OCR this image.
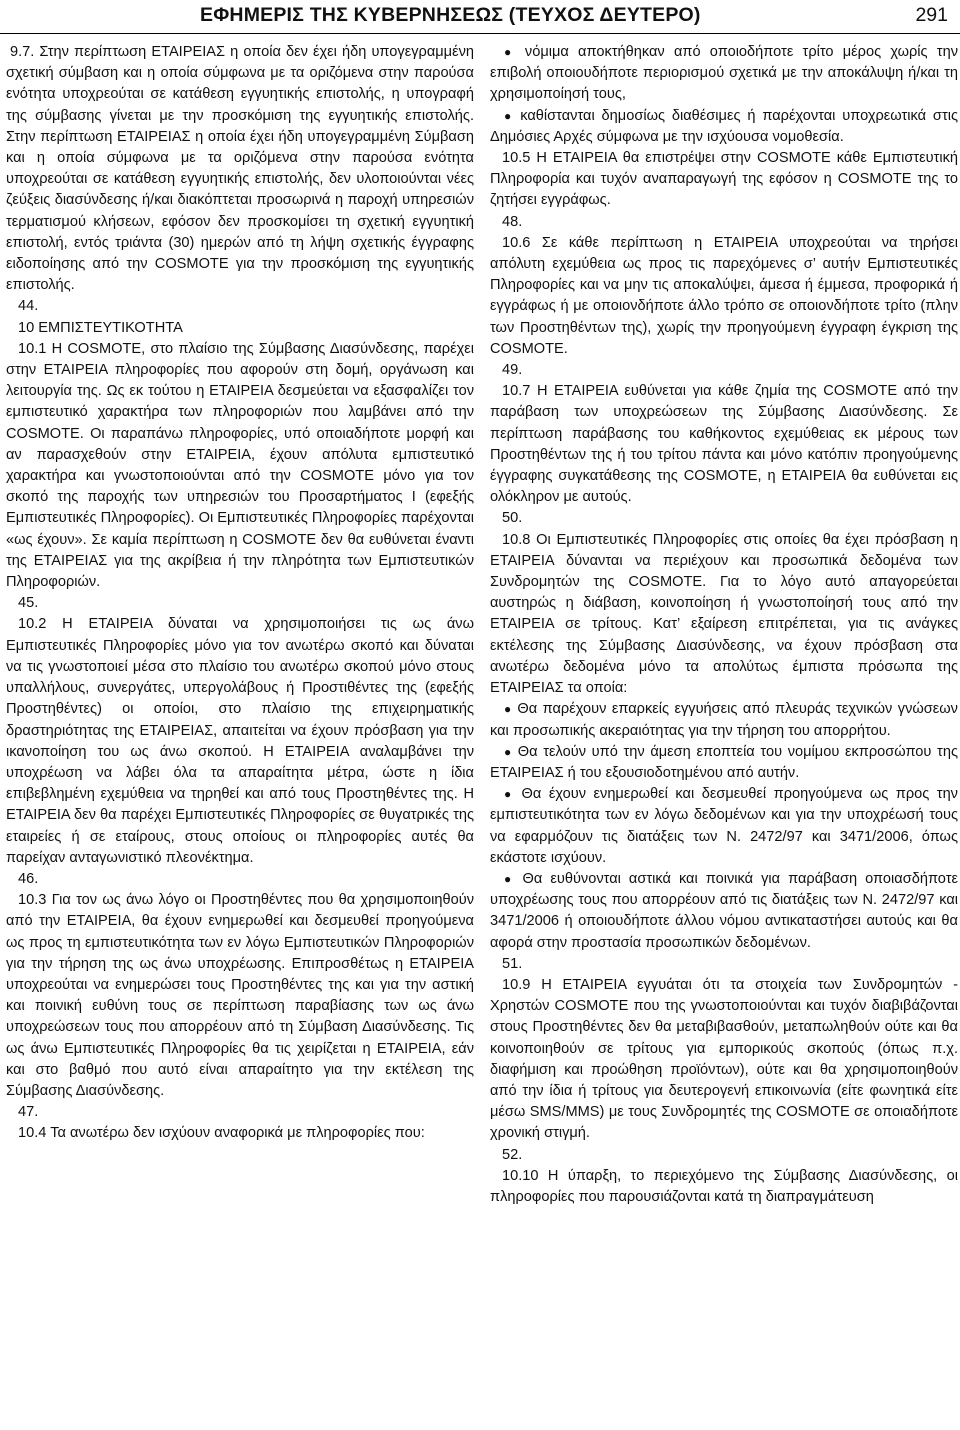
ΕΦΗΜΕΡΙΣ ΤΗΣ ΚΥΒΕΡΝΗΣΕΩΣ (ΤΕΥΧΟΣ ΔΕΥΤΕΡΟ)	291

9.7. Στην περίπτωση ΕΤΑΙΡΕΙΑΣ η οποία δεν έχει ήδη υπογεγραμμένη σχετική σύμβαση και η οποία σύμφωνα με τα οριζόμενα στην παρούσα ενότητα υποχρεούται σε κατάθεση εγγυητικής επιστολής, η υπογραφή της σύμβασης γίνεται με την προσκόμιση της εγγυητικής επιστολής. Στην περίπτωση ΕΤΑΙΡΕΙΑΣ η οποία έχει ήδη υπογεγραμμένη Σύμβαση και η οποία σύμφωνα με τα οριζόμενα στην παρούσα ενότητα υποχρεούται σε κατάθεση εγγυητικής επιστολής, δεν υλοποιούνται νέες ζεύξεις διασύνδεσης ή/και διακόπτεται προσωρινά η παροχή υπηρεσιών τερματισμού κλήσεων, εφόσον δεν προσκομίσει τη σχετική εγγυητική επιστολή, εντός τριάντα (30) ημερών από τη λήψη σχετικής έγγραφης ειδοποίησης από την COSMOTE για την προσκόμιση της εγγυητικής επιστολής.

44.

10 ΕΜΠΙΣΤΕΥΤΙΚΟΤΗΤΑ

10.1 Η COSMOTE, στο πλαίσιο της Σύμβασης Διασύνδεσης, παρέχει στην ΕΤΑΙΡΕΙΑ πληροφορίες που αφορούν στη δομή, οργάνωση και λειτουργία της. Ως εκ τούτου η ΕΤΑΙΡΕΙΑ δεσμεύεται να εξασφαλίζει τον εμπιστευτικό χαρακτήρα των πληροφοριών που λαμβάνει από την COSMOTE. Οι παραπάνω πληροφορίες, υπό οποιαδήποτε μορφή και αν παρασχεθούν στην ΕΤΑΙΡΕΙΑ, έχουν απόλυτα εμπιστευτικό χαρακτήρα και γνωστοποιούνται από την COSMOTE μόνο για τον σκοπό της παροχής των υπηρεσιών του Προσαρτήματος Ι (εφεξής Εμπιστευτικές Πληροφορίες). Οι Εμπιστευτικές Πληροφορίες παρέχονται «ως έχουν». Σε καμία περίπτωση η COSMOTE δεν θα ευθύνεται έναντι της ΕΤΑΙΡΕΙΑΣ για της ακρίβεια ή την πληρότητα των Εμπιστευτικών Πληροφοριών.

45.

10.2 Η ΕΤΑΙΡΕΙΑ δύναται να χρησιμοποιήσει τις ως άνω Εμπιστευτικές Πληροφορίες μόνο για τον ανωτέρω σκοπό και δύναται να τις γνωστοποιεί μέσα στο πλαίσιο του ανωτέρω σκοπού μόνο στους υπαλλήλους, συνεργάτες, υπεργολάβους ή Προστιθέντες της (εφεξής Προστηθέντες) οι οποίοι, στο πλαίσιο της επιχειρηματικής δραστηριότητας της ΕΤΑΙΡΕΙΑΣ, απαιτείται να έχουν πρόσβαση για την ικανοποίηση του ως άνω σκοπού. Η ΕΤΑΙΡΕΙΑ αναλαμβάνει την υποχρέωση να λάβει όλα τα απαραίτητα μέτρα, ώστε η ίδια επιβεβλημένη εχεμύθεια να τηρηθεί και από τους Προστηθέντες της. Η ΕΤΑΙΡΕΙΑ δεν θα παρέχει Εμπιστευτικές Πληροφορίες σε θυγατρικές της εταιρείες ή σε εταίρους, στους οποίους οι πληροφορίες αυτές θα παρείχαν ανταγωνιστικό πλεονέκτημα.

46.

10.3 Για τον ως άνω λόγο οι Προστηθέντες που θα χρησιμοποιηθούν από την ΕΤΑΙΡΕΙΑ, θα έχουν ενημερωθεί και δεσμευθεί προηγούμενα ως προς τη εμπιστευτικότητα των εν λόγω Εμπιστευτικών Πληροφοριών για την τήρηση της ως άνω υποχρέωσης. Επιπροσθέτως η ΕΤΑΙΡΕΙΑ υποχρεούται να ενημερώσει τους Προστηθέντες της και για την αστική και ποινική ευθύνη τους σε περίπτωση παραβίασης των ως άνω υποχρεώσεων τους που απορρέουν από τη Σύμβαση Διασύνδεσης. Τις ως άνω Εμπιστευτικές Πληροφορίες θα τις χειρίζεται η ΕΤΑΙΡΕΙΑ, εάν και στο βαθμό που αυτό είναι απαραίτητο για την εκτέλεση της Σύμβασης Διασύνδεσης.

47.

10.4 Τα ανωτέρω δεν ισχύουν αναφορικά με πληροφορίες που:

● νόμιμα αποκτήθηκαν από οποιοδήποτε τρίτο μέρος χωρίς την επιβολή οποιουδήποτε περιορισμού σχετικά με την αποκάλυψη ή/και τη χρησιμοποίησή τους,

● καθίστανται δημοσίως διαθέσιμες ή παρέχονται υποχρεωτικά στις Δημόσιες Αρχές σύμφωνα με την ισχύουσα νομοθεσία.

10.5 Η ΕΤΑΙΡΕΙΑ θα επιστρέψει στην COSMOTE κάθε Εμπιστευτική Πληροφορία και τυχόν αναπαραγωγή της εφόσον η COSMOTE της το ζητήσει εγγράφως.

48.

10.6 Σε κάθε περίπτωση η ΕΤΑΙΡΕΙΑ υποχρεούται να τηρήσει απόλυτη εχεμύθεια ως προς τις παρεχόμενες σ’ αυτήν Εμπιστευτικές Πληροφορίες και να μην τις αποκαλύψει, άμεσα ή έμμεσα, προφορικά ή εγγράφως ή με οποιονδήποτε άλλο τρόπο σε οποιονδήποτε τρίτο (πλην των Προστηθέντων της), χωρίς την προηγούμενη έγγραφη έγκριση της COSMOTE.

49.

10.7 Η ΕΤΑΙΡΕΙΑ ευθύνεται για κάθε ζημία της COSMOTE από την παράβαση των υποχρεώσεων της Σύμβασης Διασύνδεσης. Σε περίπτωση παράβασης του καθήκοντος εχεμύθειας εκ μέρους των Προστηθέντων της ή του τρίτου πάντα και μόνο κατόπιν προηγούμενης έγγραφης συγκατάθεσης της COSMOTE, η ΕΤΑΙΡΕΙΑ θα ευθύνεται εις ολόκληρον με αυτούς.

50.

10.8 Οι Εμπιστευτικές Πληροφορίες στις οποίες θα έχει πρόσβαση η ΕΤΑΙΡΕΙΑ δύνανται να περιέχουν και προσωπικά δεδομένα των Συνδρομητών της COSMOTE. Για το λόγο αυτό απαγορεύεται αυστηρώς η διάβαση, κοινοποίηση ή γνωστοποίησή τους από την ΕΤΑΙΡΕΙΑ σε τρίτους. Κατ’ εξαίρεση επιτρέπεται, για τις ανάγκες εκτέλεσης της Σύμβασης Διασύνδεσης, να έχουν πρόσβαση στα ανωτέρω δεδομένα μόνο τα απολύτως έμπιστα πρόσωπα της ΕΤΑΙΡΕΙΑΣ τα οποία:

● Θα παρέχουν επαρκείς εγγυήσεις από πλευράς τεχνικών γνώσεων και προσωπικής ακεραιότητας για την τήρηση του απορρήτου.

● Θα τελούν υπό την άμεση εποπτεία του νομίμου εκπροσώπου της ΕΤΑΙΡΕΙΑΣ ή του εξουσιοδοτημένου από αυτήν.

● Θα έχουν ενημερωθεί και δεσμευθεί προηγούμενα ως προς την εμπιστευτικότητα των εν λόγω δεδομένων και για την υποχρέωσή τους να εφαρμόζουν τις διατάξεις των Ν. 2472/97 και 3471/2006, όπως εκάστοτε ισχύουν.

● Θα ευθύνονται αστικά και ποινικά για παράβαση οποιασδήποτε υποχρέωσης τους που απορρέουν από τις διατάξεις των Ν. 2472/97 και 3471/2006 ή οποιουδήποτε άλλου νόμου αντικαταστήσει αυτούς και θα αφορά στην προστασία προσωπικών δεδομένων.

51.

10.9 Η ΕΤΑΙΡΕΙΑ εγγυάται ότι τα στοιχεία των Συνδρομητών - Χρηστών COSMOTE που της γνωστοποιούνται και τυχόν διαβιβάζονται στους Προστηθέντες δεν θα μεταβιβασθούν, μεταπωληθούν ούτε και θα κοινοποιηθούν σε τρίτους για εμπορικούς σκοπούς (όπως π.χ. διαφήμιση και προώθηση προϊόντων), ούτε και θα χρησιμοποιηθούν από την ίδια ή τρίτους για δευτερογενή επικοινωνία (είτε φωνητικά είτε μέσω SMS/MMS) με τους Συνδρομητές της COSMOTE σε οποιαδήποτε χρονική στιγμή.

52.

10.10 Η ύπαρξη, το περιεχόμενο της Σύμβασης Διασύνδεσης, οι πληροφορίες που παρουσιάζονται κατά τη διαπραγμάτευση
